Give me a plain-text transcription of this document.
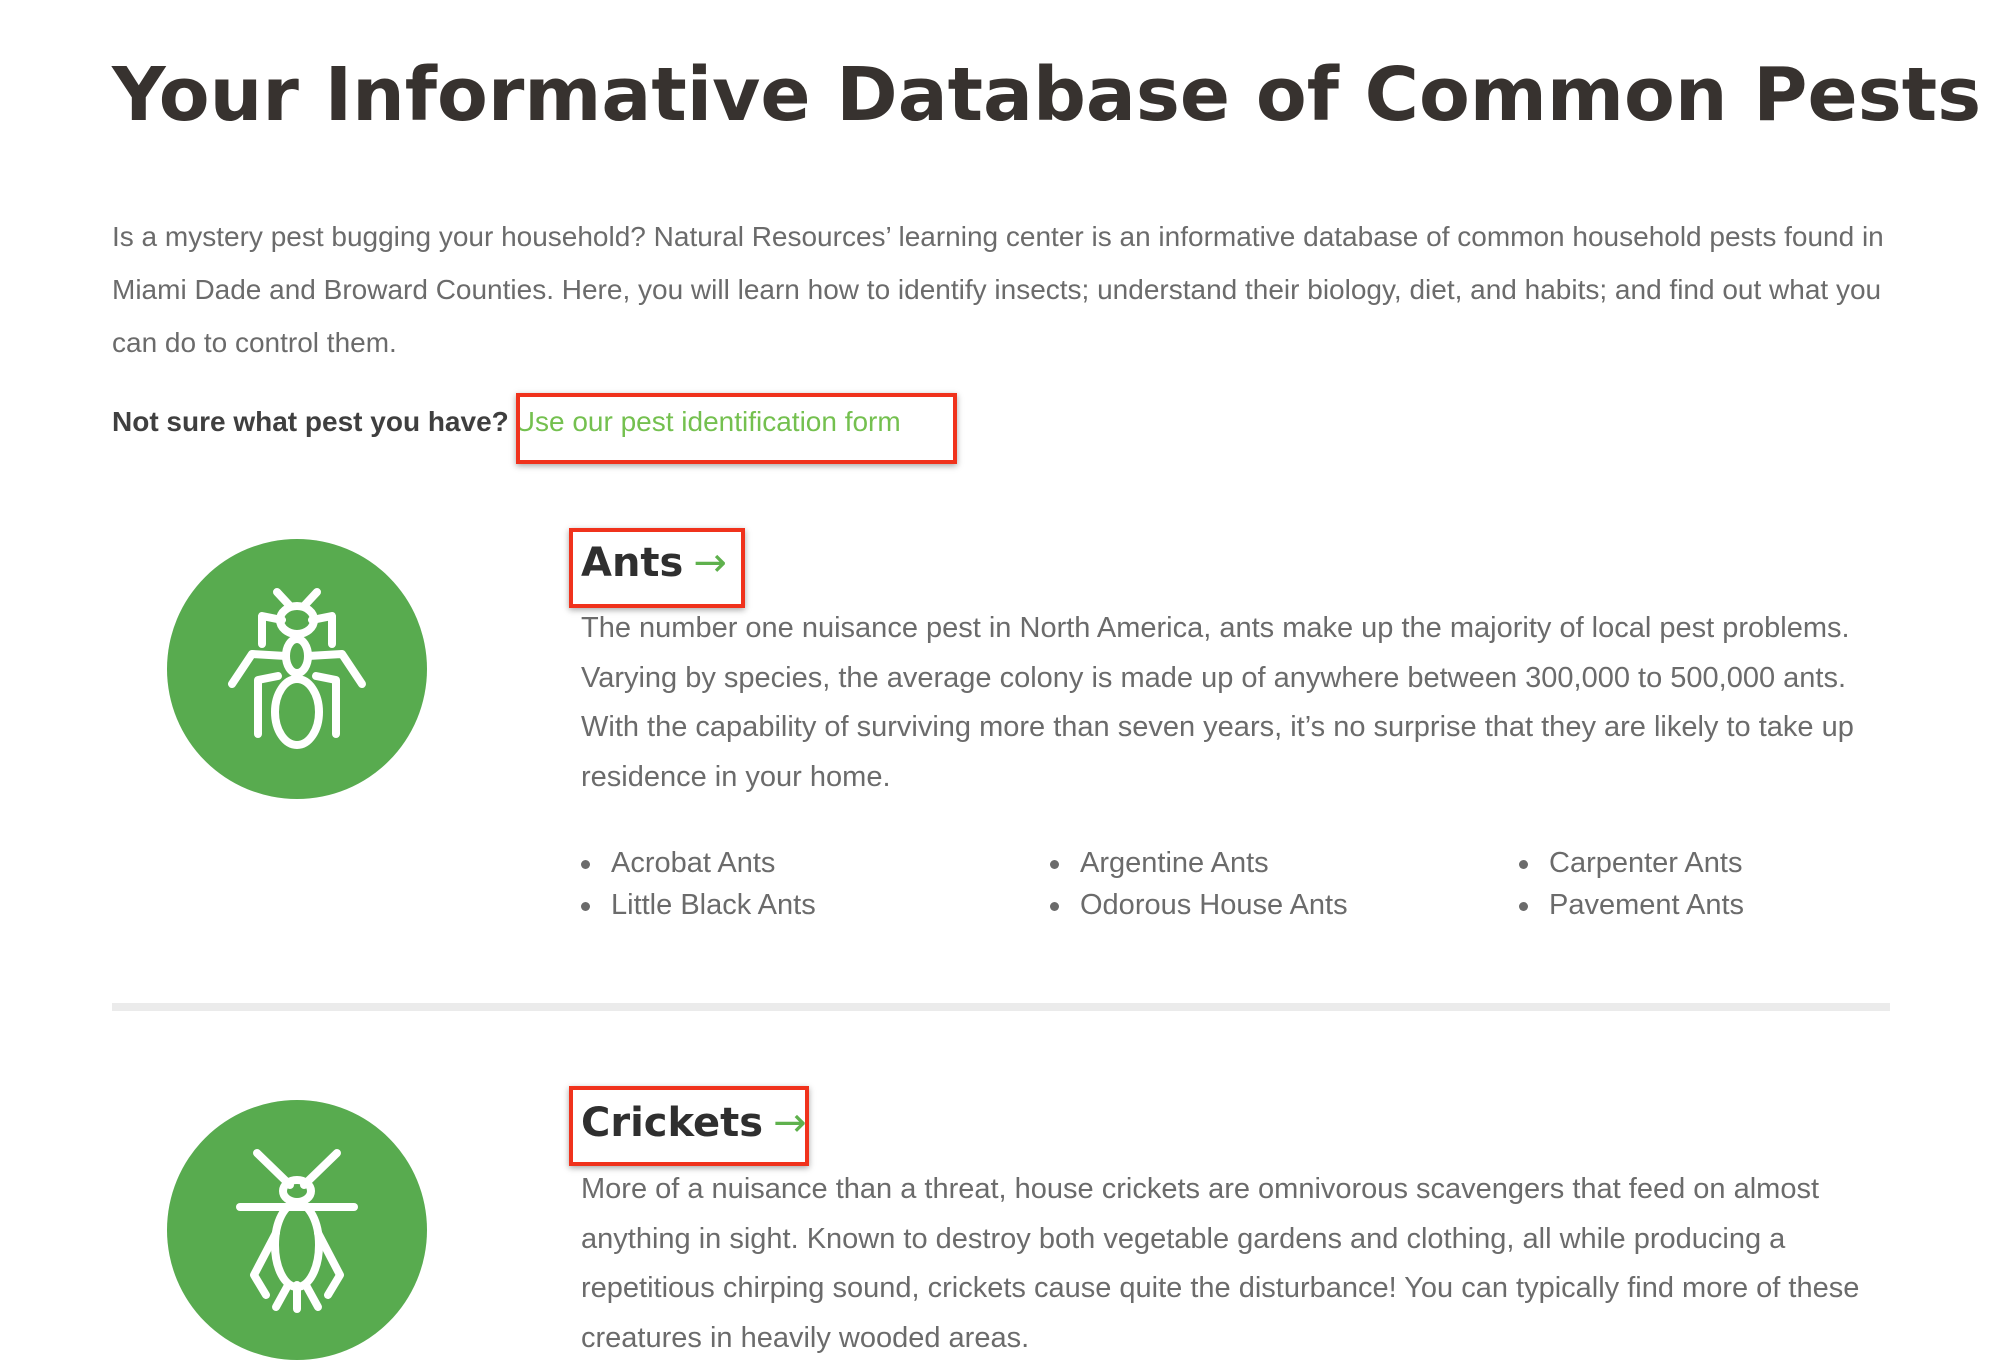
Your Informative Database of Common Pests

Is a mystery pest bugging your household? Natural Resources’ learning center is an informative database of common household pests found in Miami Dade and Broward Counties. Here, you will learn how to identify insects; understand their biology, diet, and habits; and find out what you can do to control them.

Not sure what pest you have? Use our pest identification form

Ants →

The number one nuisance pest in North America, ants make up the majority of local pest problems. Varying by species, the average colony is made up of anywhere between 300,000 to 500,000 ants. With the capability of surviving more than seven years, it’s no surprise that they are likely to take up residence in your home.

Acrobat Ants	Argentine Ants	Carpenter Ants
Little Black Ants	Odorous House Ants	Pavement Ants
Crickets →

More of a nuisance than a threat, house crickets are omnivorous scavengers that feed on almost anything in sight. Known to destroy both vegetable gardens and clothing, all while producing a repetitious chirping sound, crickets cause quite the disturbance! You can typically find more of these creatures in heavily wooded areas.
